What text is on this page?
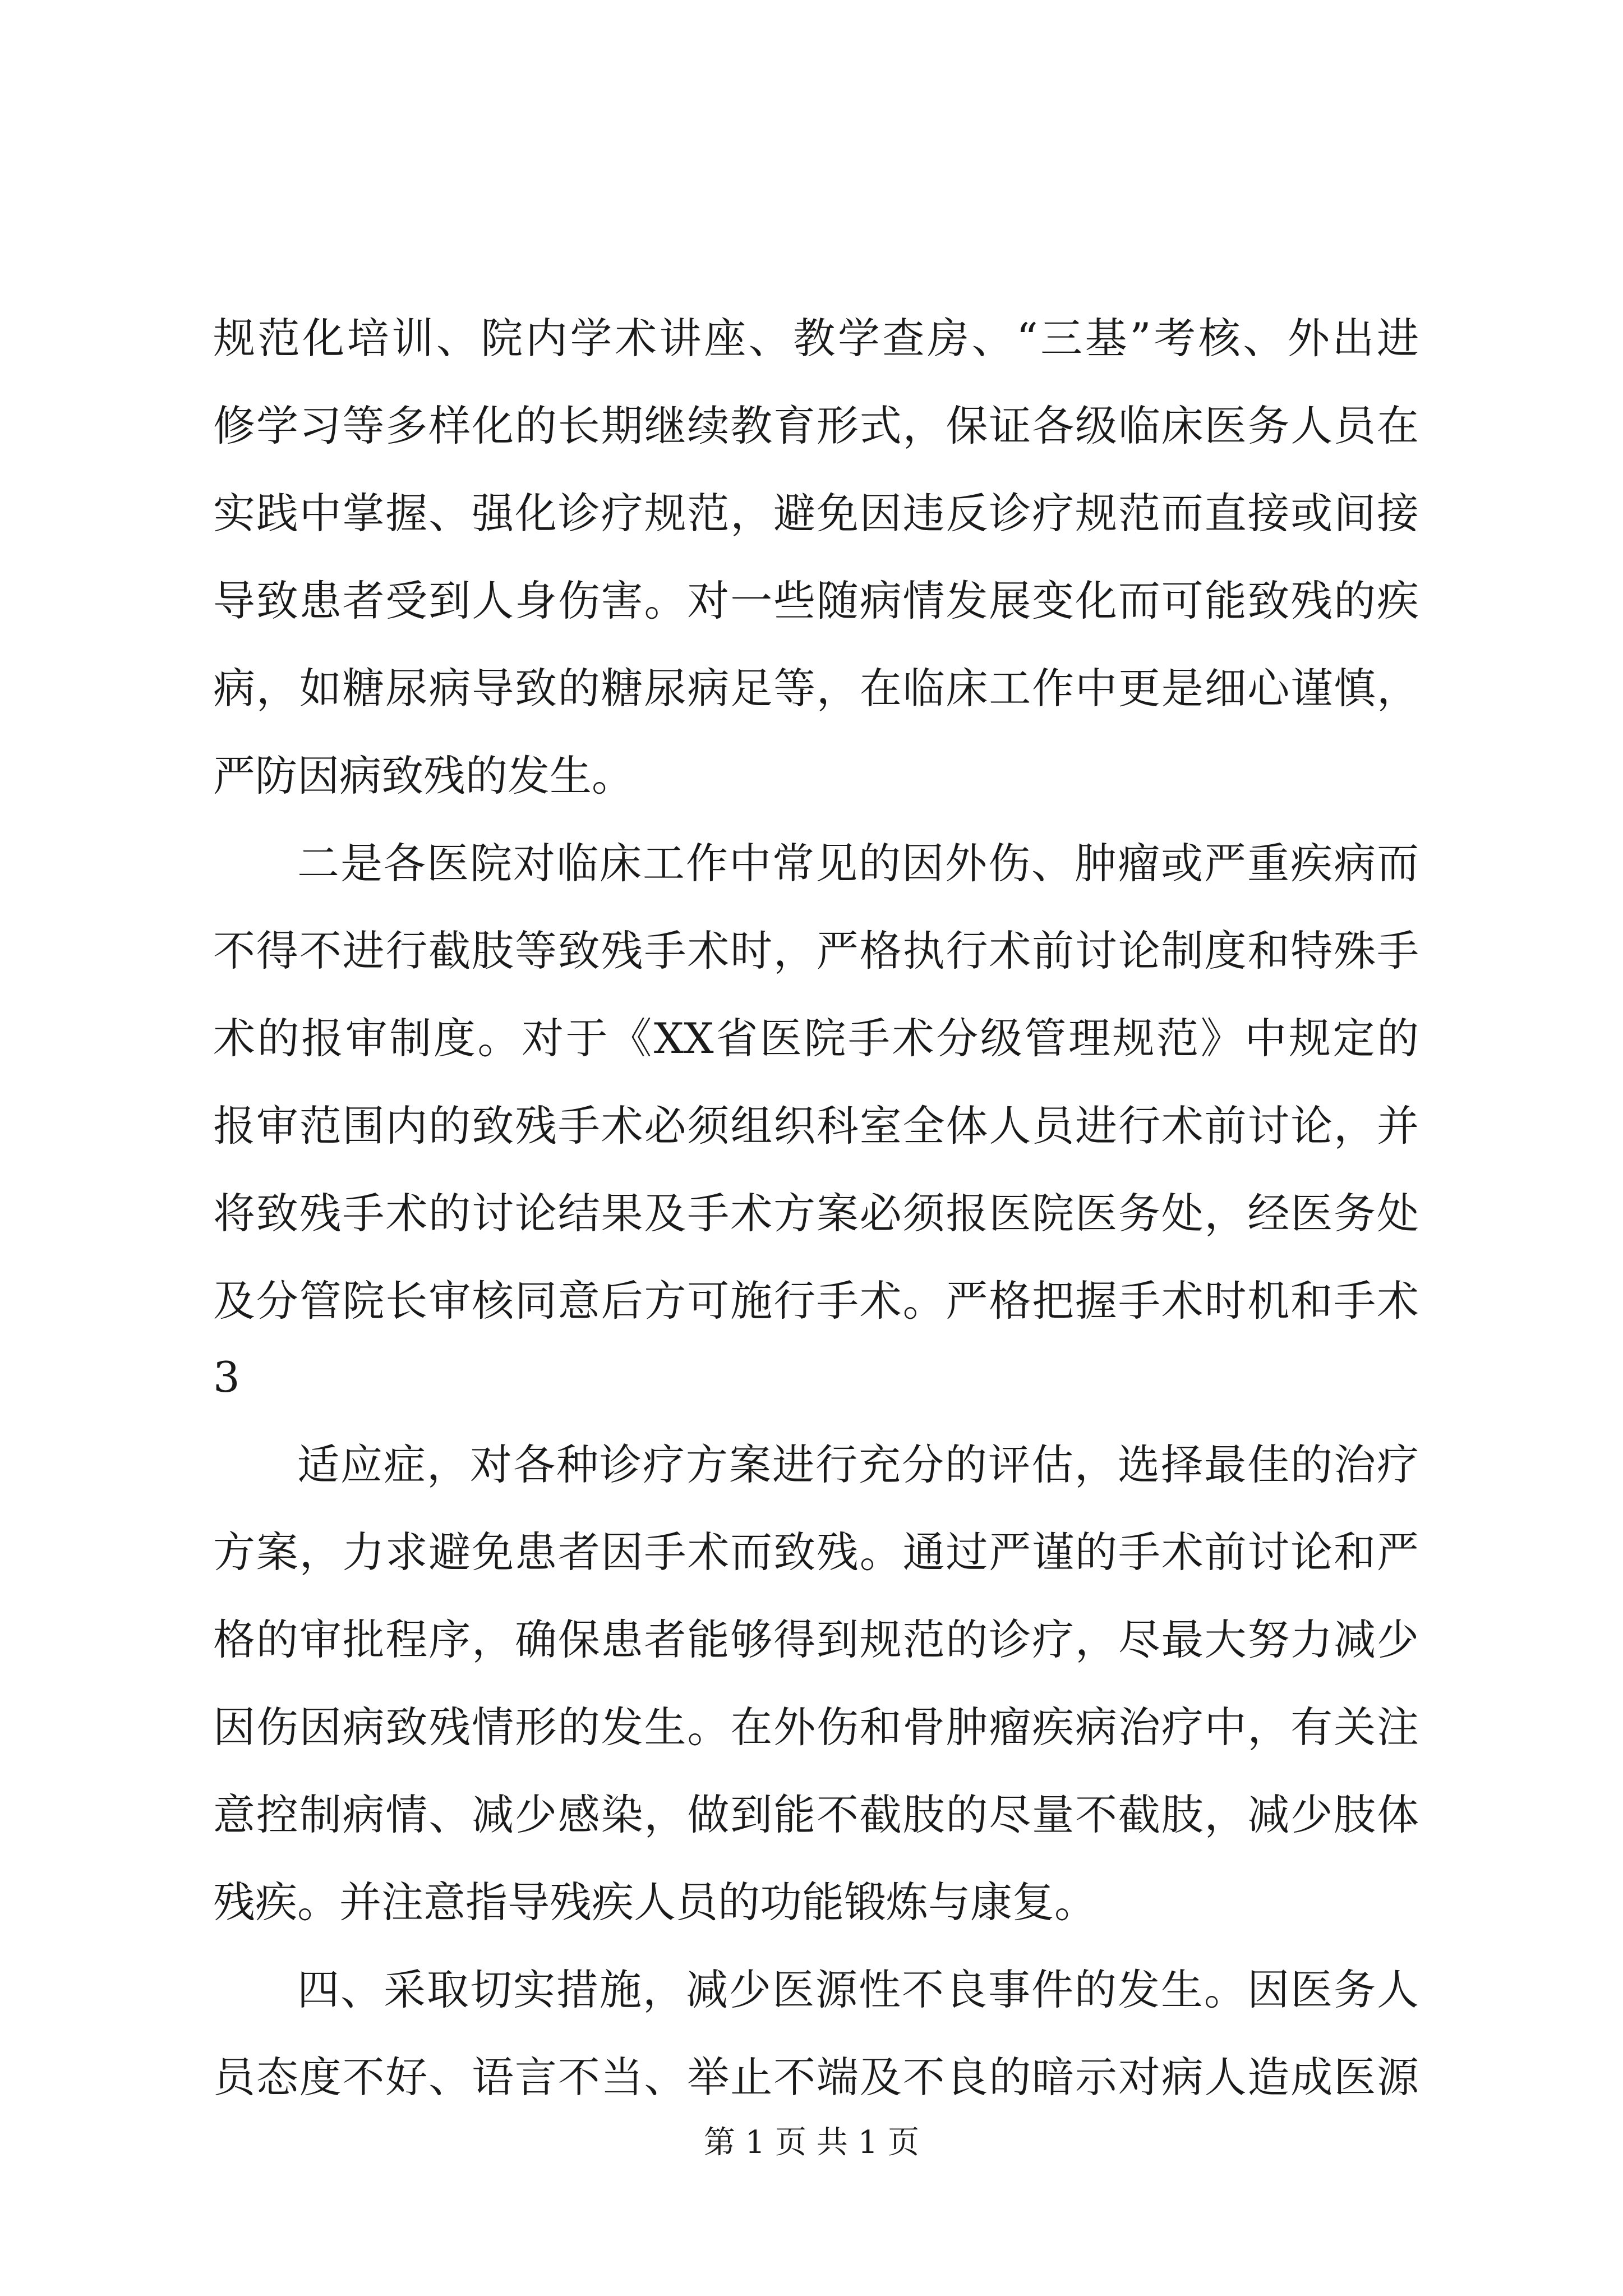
规范化培训、院内学术讲座、教学查房、“三基”考核、外出进
修学习等多样化的长期继续教育形式，保证各级临床医务人员在
实践中掌握、强化诊疗规范，避免因违反诊疗规范而直接或间接
导致患者受到人身伤害。对一些随病情发展变化而可能致残的疾
病，如糖尿病导致的糖尿病足等，在临床工作中更是细心谨慎，
严防因病致残的发生。
二是各医院对临床工作中常见的因外伤、肿瘤或严重疾病而
不得不进行截肢等致残手术时，严格执行术前讨论制度和特殊手
术的报审制度。对于《XX省医院手术分级管理规范》中规定的
报审范围内的致残手术必须组织科室全体人员进行术前讨论，并
将致残手术的讨论结果及手术方案必须报医院医务处，经医务处
及分管院长审核同意后方可施行手术。严格把握手术时机和手术
3
适应症，对各种诊疗方案进行充分的评估，选择最佳的治疗
方案，力求避免患者因手术而致残。通过严谨的手术前讨论和严
格的审批程序，确保患者能够得到规范的诊疗，尽最大努力减少
因伤因病致残情形的发生。在外伤和骨肿瘤疾病治疗中，有关注
意控制病情、减少感染，做到能不截肢的尽量不截肢，减少肢体
残疾。并注意指导残疾人员的功能锻炼与康复。
四、采取切实措施，减少医源性不良事件的发生。因医务人
员态度不好、语言不当、举止不端及不良的暗示对病人造成医源
第 1 页 共 1 页
